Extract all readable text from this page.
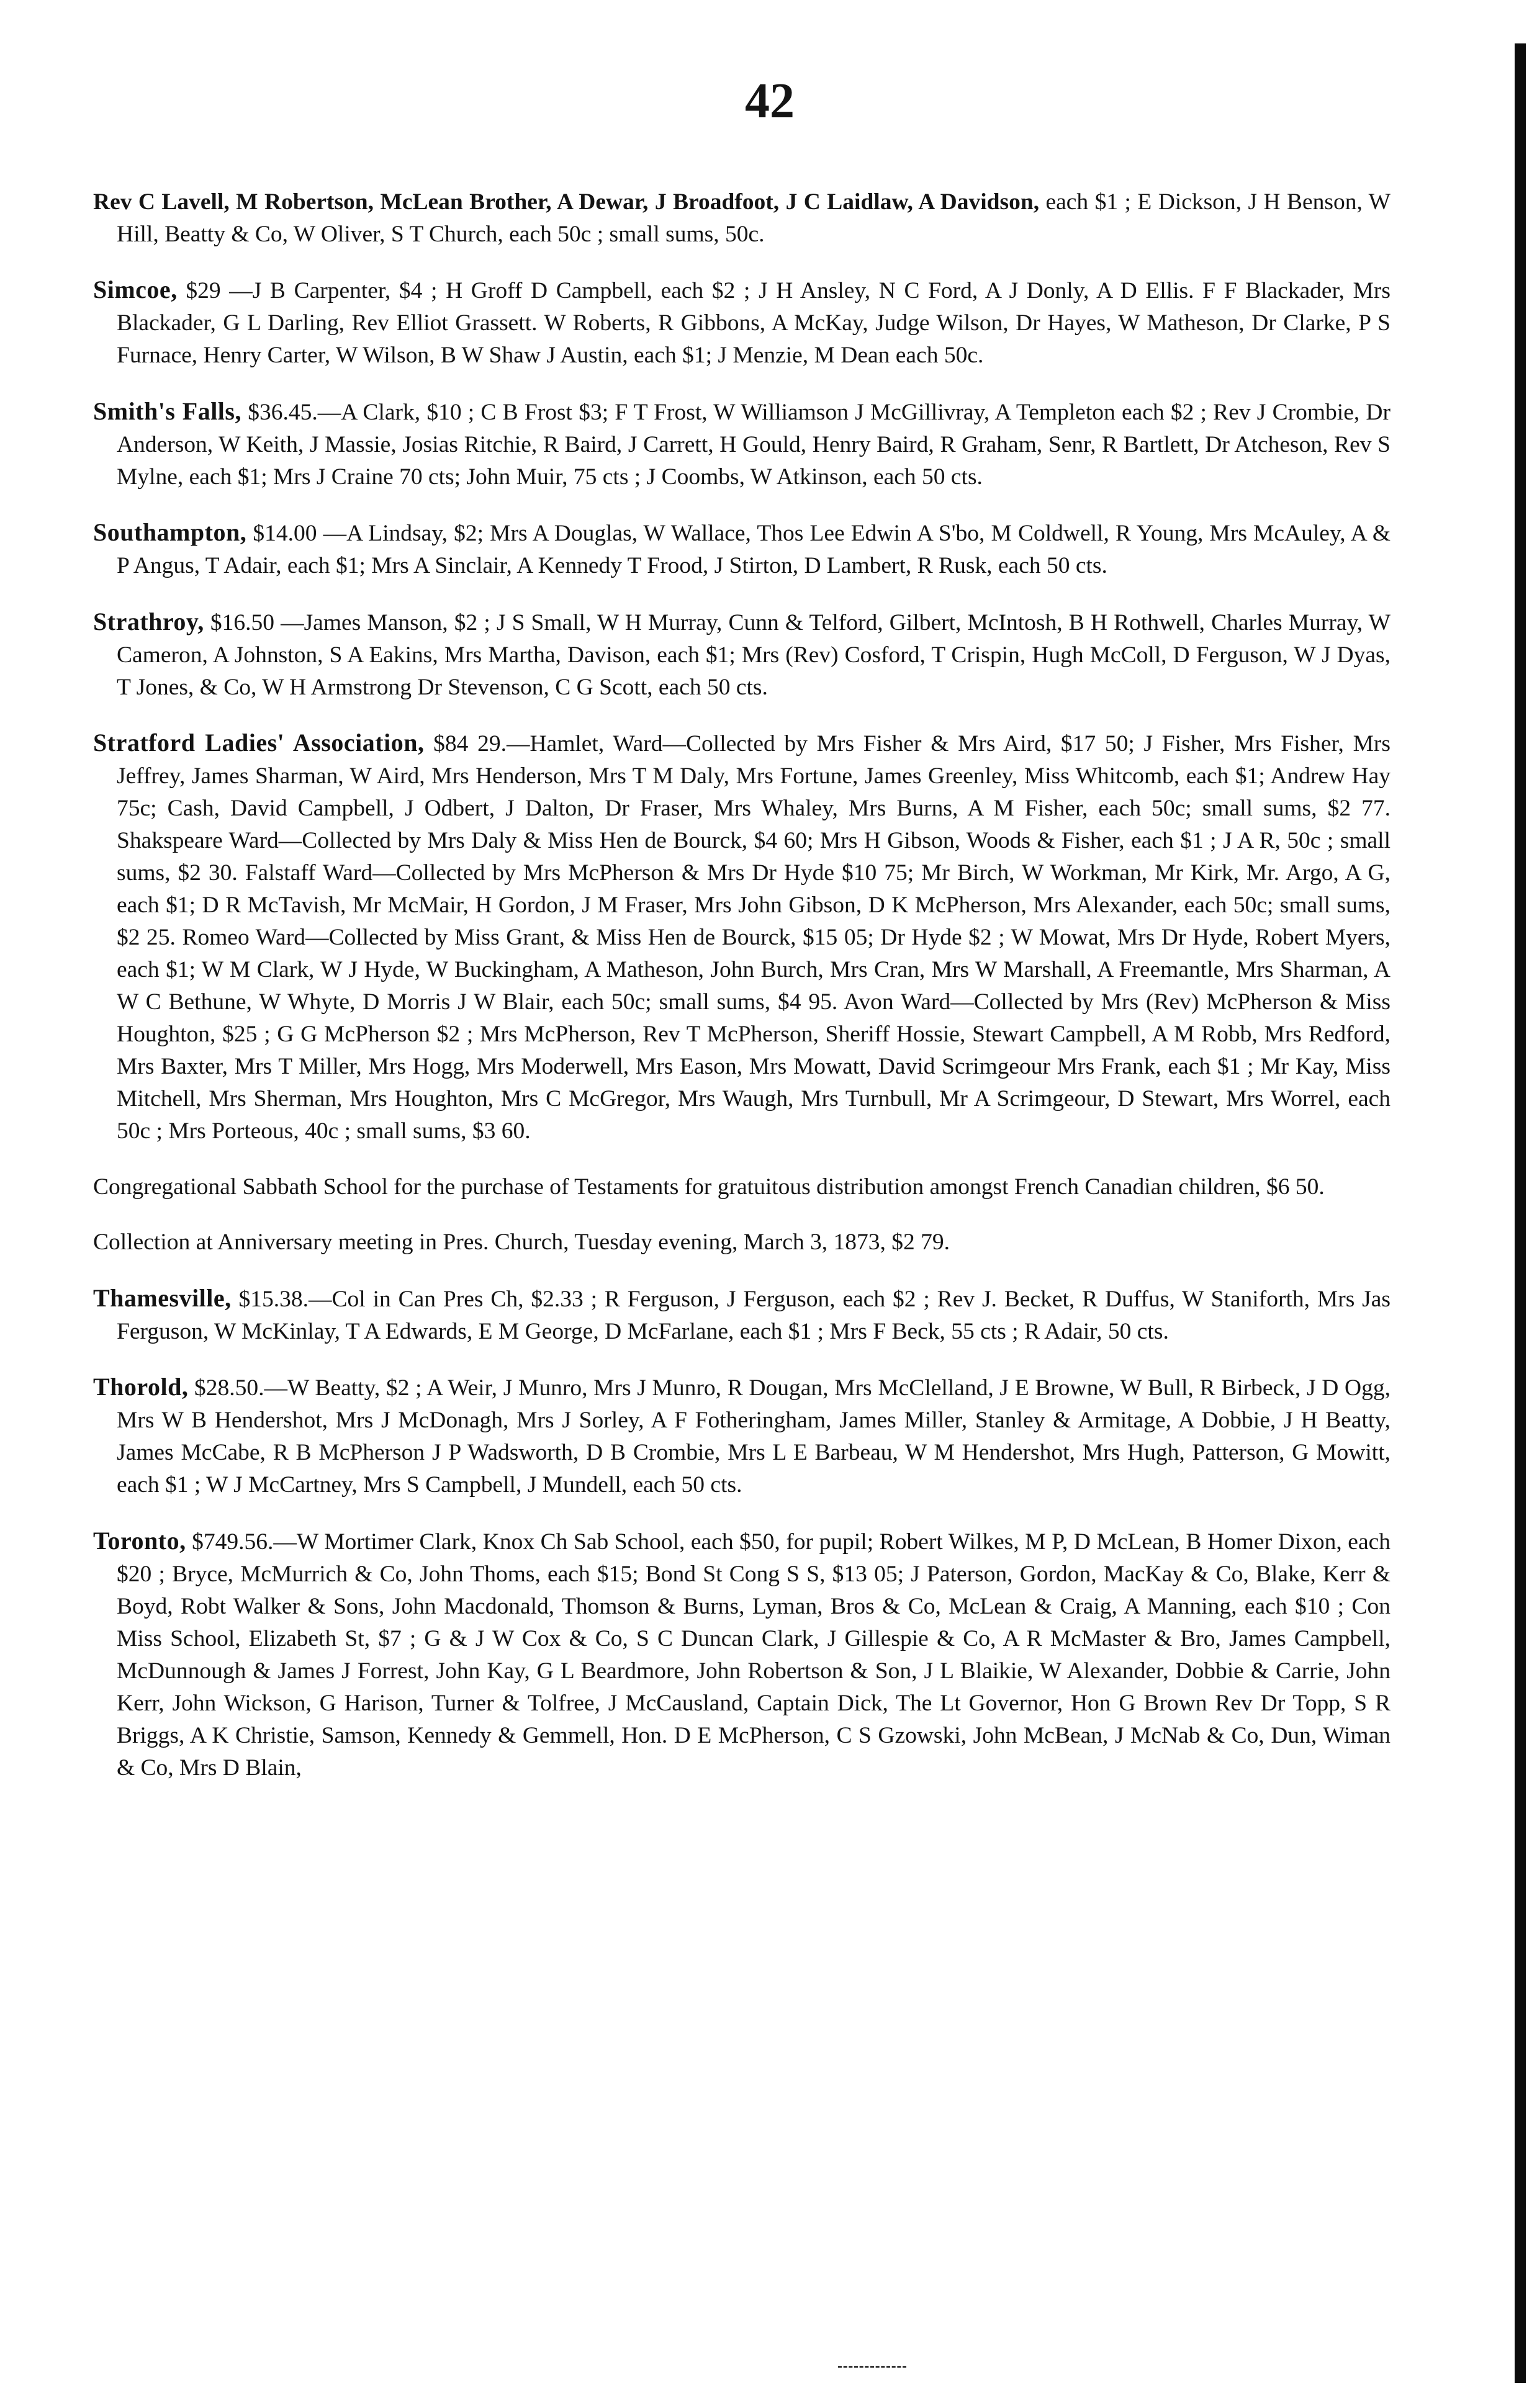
42

Rev C Lavell, M Robertson, McLean Brother, A Dewar, J Broadfoot, J C Laidlaw, A Davidson, each $1 ; E Dickson, J H Benson, W Hill, Beatty & Co, W Oliver, S T Church, each 50c ; small sums, 50c.

Simcoe, $29 —J B Carpenter, $4 ; H Groff D Campbell, each $2 ; J H Ansley, N C Ford, A J Donly, A D Ellis. F F Blackader, Mrs Blackader, G L Darling, Rev Elliot Grassett. W Roberts, R Gibbons, A McKay, Judge Wilson, Dr Hayes, W Matheson, Dr Clarke, P S Furnace, Henry Carter, W Wilson, B W Shaw J Austin, each $1; J Menzie, M Dean each 50c.

Smith's Falls, $36.45.—A Clark, $10 ; C B Frost $3; F T Frost, W Williamson J McGillivray, A Templeton each $2 ; Rev J Crombie, Dr Anderson, W Keith, J Massie, Josias Ritchie, R Baird, J Carrett, H Gould, Henry Baird, R Graham, Senr, R Bartlett, Dr Atcheson, Rev S Mylne, each $1; Mrs J Craine 70 cts; John Muir, 75 cts ; J Coombs, W Atkinson, each 50 cts.

Southampton, $14.00 —A Lindsay, $2; Mrs A Douglas, W Wallace, Thos Lee Edwin A S'bo, M Coldwell, R Young, Mrs McAuley, A & P Angus, T Adair, each $1; Mrs A Sinclair, A Kennedy T Frood, J Stirton, D Lambert, R Rusk, each 50 cts.

Strathroy, $16.50 —James Manson, $2 ; J S Small, W H Murray, Cunn & Telford, Gilbert, McIntosh, B H Rothwell, Charles Murray, W Cameron, A Johnston, S A Eakins, Mrs Martha, Davison, each $1; Mrs (Rev) Cosford, T Crispin, Hugh McColl, D Ferguson, W J Dyas, T Jones, & Co, W H Armstrong Dr Stevenson, C G Scott, each 50 cts.

Stratford Ladies' Association, $84 29.—Hamlet, Ward—Collected by Mrs Fisher & Mrs Aird, $17 50; J Fisher, Mrs Fisher, Mrs Jeffrey, James Sharman, W Aird, Mrs Henderson, Mrs T M Daly, Mrs Fortune, James Greenley, Miss Whitcomb, each $1; Andrew Hay 75c; Cash, David Campbell, J Odbert, J Dalton, Dr Fraser, Mrs Whaley, Mrs Burns, A M Fisher, each 50c; small sums, $2 77. Shakspeare Ward—Collected by Mrs Daly & Miss Hen de Bourck, $4 60; Mrs H Gibson, Woods & Fisher, each $1 ; J A R, 50c ; small sums, $2 30. Falstaff Ward—Collected by Mrs McPherson & Mrs Dr Hyde $10 75; Mr Birch, W Workman, Mr Kirk, Mr. Argo, A G, each $1; D R McTavish, Mr McMair, H Gordon, J M Fraser, Mrs John Gibson, D K McPherson, Mrs Alexander, each 50c; small sums, $2 25. Romeo Ward—Collected by Miss Grant, & Miss Hen de Bourck, $15 05; Dr Hyde $2 ; W Mowat, Mrs Dr Hyde, Robert Myers, each $1; W M Clark, W J Hyde, W Buckingham, A Matheson, John Burch, Mrs Cran, Mrs W Marshall, A Freemantle, Mrs Sharman, A W C Bethune, W Whyte, D Morris J W Blair, each 50c; small sums, $4 95. Avon Ward—Collected by Mrs (Rev) McPherson & Miss Houghton, $25 ; G G McPherson $2 ; Mrs McPherson, Rev T McPherson, Sheriff Hossie, Stewart Campbell, A M Robb, Mrs Redford, Mrs Baxter, Mrs T Miller, Mrs Hogg, Mrs Moderwell, Mrs Eason, Mrs Mowatt, David Scrimgeour Mrs Frank, each $1 ; Mr Kay, Miss Mitchell, Mrs Sherman, Mrs Houghton, Mrs C McGregor, Mrs Waugh, Mrs Turnbull, Mr A Scrimgeour, D Stewart, Mrs Worrel, each 50c ; Mrs Porteous, 40c ; small sums, $3 60.

Congregational Sabbath School for the purchase of Testaments for gratuitous distribution amongst French Canadian children, $6 50.

Collection at Anniversary meeting in Pres. Church, Tuesday evening, March 3, 1873, $2 79.

Thamesville, $15.38.—Col in Can Pres Ch, $2.33 ; R Ferguson, J Ferguson, each $2 ; Rev J. Becket, R Duffus, W Staniforth, Mrs Jas Ferguson, W McKinlay, T A Edwards, E M George, D McFarlane, each $1 ; Mrs F Beck, 55 cts ; R Adair, 50 cts.

Thorold, $28.50.—W Beatty, $2 ; A Weir, J Munro, Mrs J Munro, R Dougan, Mrs McClelland, J E Browne, W Bull, R Birbeck, J D Ogg, Mrs W B Hendershot, Mrs J McDonagh, Mrs J Sorley, A F Fotheringham, James Miller, Stanley & Armitage, A Dobbie, J H Beatty, James McCabe, R B McPherson J P Wadsworth, D B Crombie, Mrs L E Barbeau, W M Hendershot, Mrs Hugh, Patterson, G Mowitt, each $1 ; W J McCartney, Mrs S Campbell, J Mundell, each 50 cts.

Toronto, $749.56.—W Mortimer Clark, Knox Ch Sab School, each $50, for pupil; Robert Wilkes, M P, D McLean, B Homer Dixon, each $20 ; Bryce, McMurrich & Co, John Thoms, each $15; Bond St Cong S S, $13 05; J Paterson, Gordon, MacKay & Co, Blake, Kerr & Boyd, Robt Walker & Sons, John Macdonald, Thomson & Burns, Lyman, Bros & Co, McLean & Craig, A Manning, each $10 ; Con Miss School, Elizabeth St, $7 ; G & J W Cox & Co, S C Duncan Clark, J Gillespie & Co, A R McMaster & Bro, James Campbell, McDunnough & James J Forrest, John Kay, G L Beardmore, John Robertson & Son, J L Blaikie, W Alexander, Dobbie & Carrie, John Kerr, John Wickson, G Harison, Turner & Tolfree, J McCausland, Captain Dick, The Lt Governor, Hon G Brown Rev Dr Topp, S R Briggs, A K Christie, Samson, Kennedy & Gemmell, Hon. D E McPherson, C S Gzowski, John McBean, J McNab & Co, Dun, Wiman & Co, Mrs D Blain,
